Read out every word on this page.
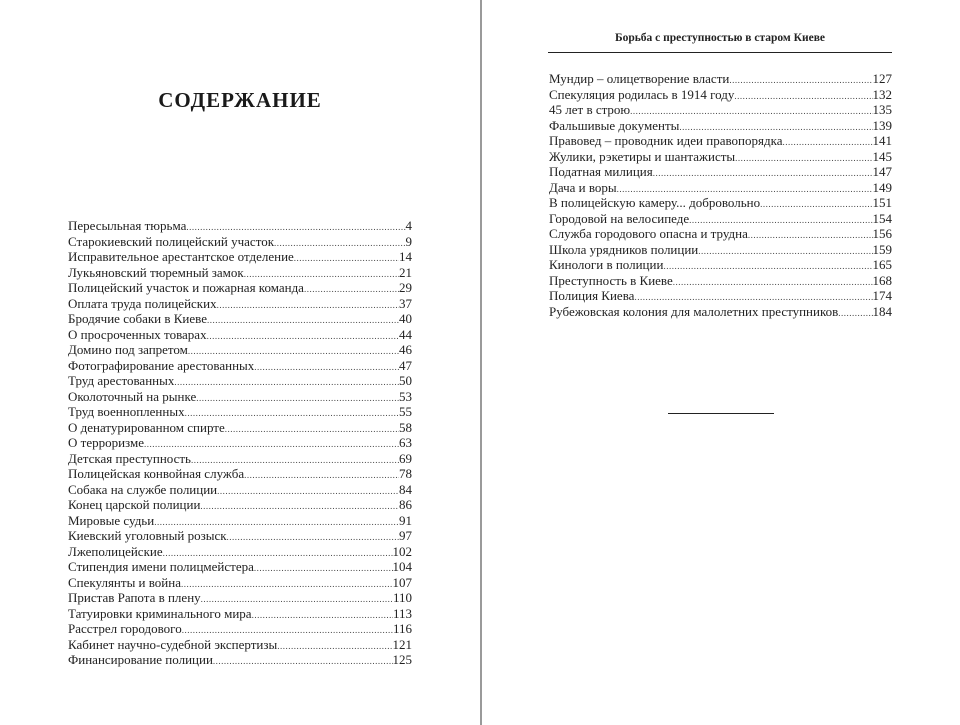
СОДЕРЖАНИЕ
Пересыльная тюрьма .....	4
Старокиевский полицейский участок .....	9
Исправительное арестантское отделение .....	14
Лукьяновский тюремный замок .....	21
Полицейский участок и пожарная команда .....	29
Оплата труда полицейских .....	37
Бродячие собаки в Киеве .....	40
О просроченных товарах .....	44
Домино под запретом .....	46
Фотографирование арестованных .....	47
Труд арестованных .....	50
Околоточный на рынке .....	53
Труд военнопленных .....	55
О денатурированном спирте .....	58
О терроризме .....	63
Детская преступность .....	69
Полицейская конвойная служба .....	78
Собака на службе полиции .....	84
Конец царской полиции .....	86
Мировые судьи .....	91
Киевский уголовный розыск .....	97
Лжеполицейские .....	102
Стипендия имени полицмейстера .....	104
Спекулянты и война .....	107
Пристав Рапота в плену .....	110
Татуировки криминального мира .....	113
Расстрел городового .....	116
Кабинет научно-судебной экспертизы .....	121
Финансирование полиции .....	125
Борьба с преступностью в старом Киеве
Мундир – олицетворение власти .....	127
Спекуляция родилась в 1914 году .....	132
45 лет в строю .....	135
Фальшивые документы .....	139
Правовед – проводник идеи правопорядка .....	141
Жулики, рэкетиры и шантажисты .....	145
Податная милиция .....	147
Дача и воры .....	149
В полицейскую камеру... добровольно .....	151
Городовой на велосипеде .....	154
Служба городового опасна и трудна .....	156
Школа урядников полиции .....	159
Кинологи в полиции .....	165
Преступность в Киеве .....	168
Полиция Киева .....	174
Рубежовская колония для малолетних преступников .....	184
